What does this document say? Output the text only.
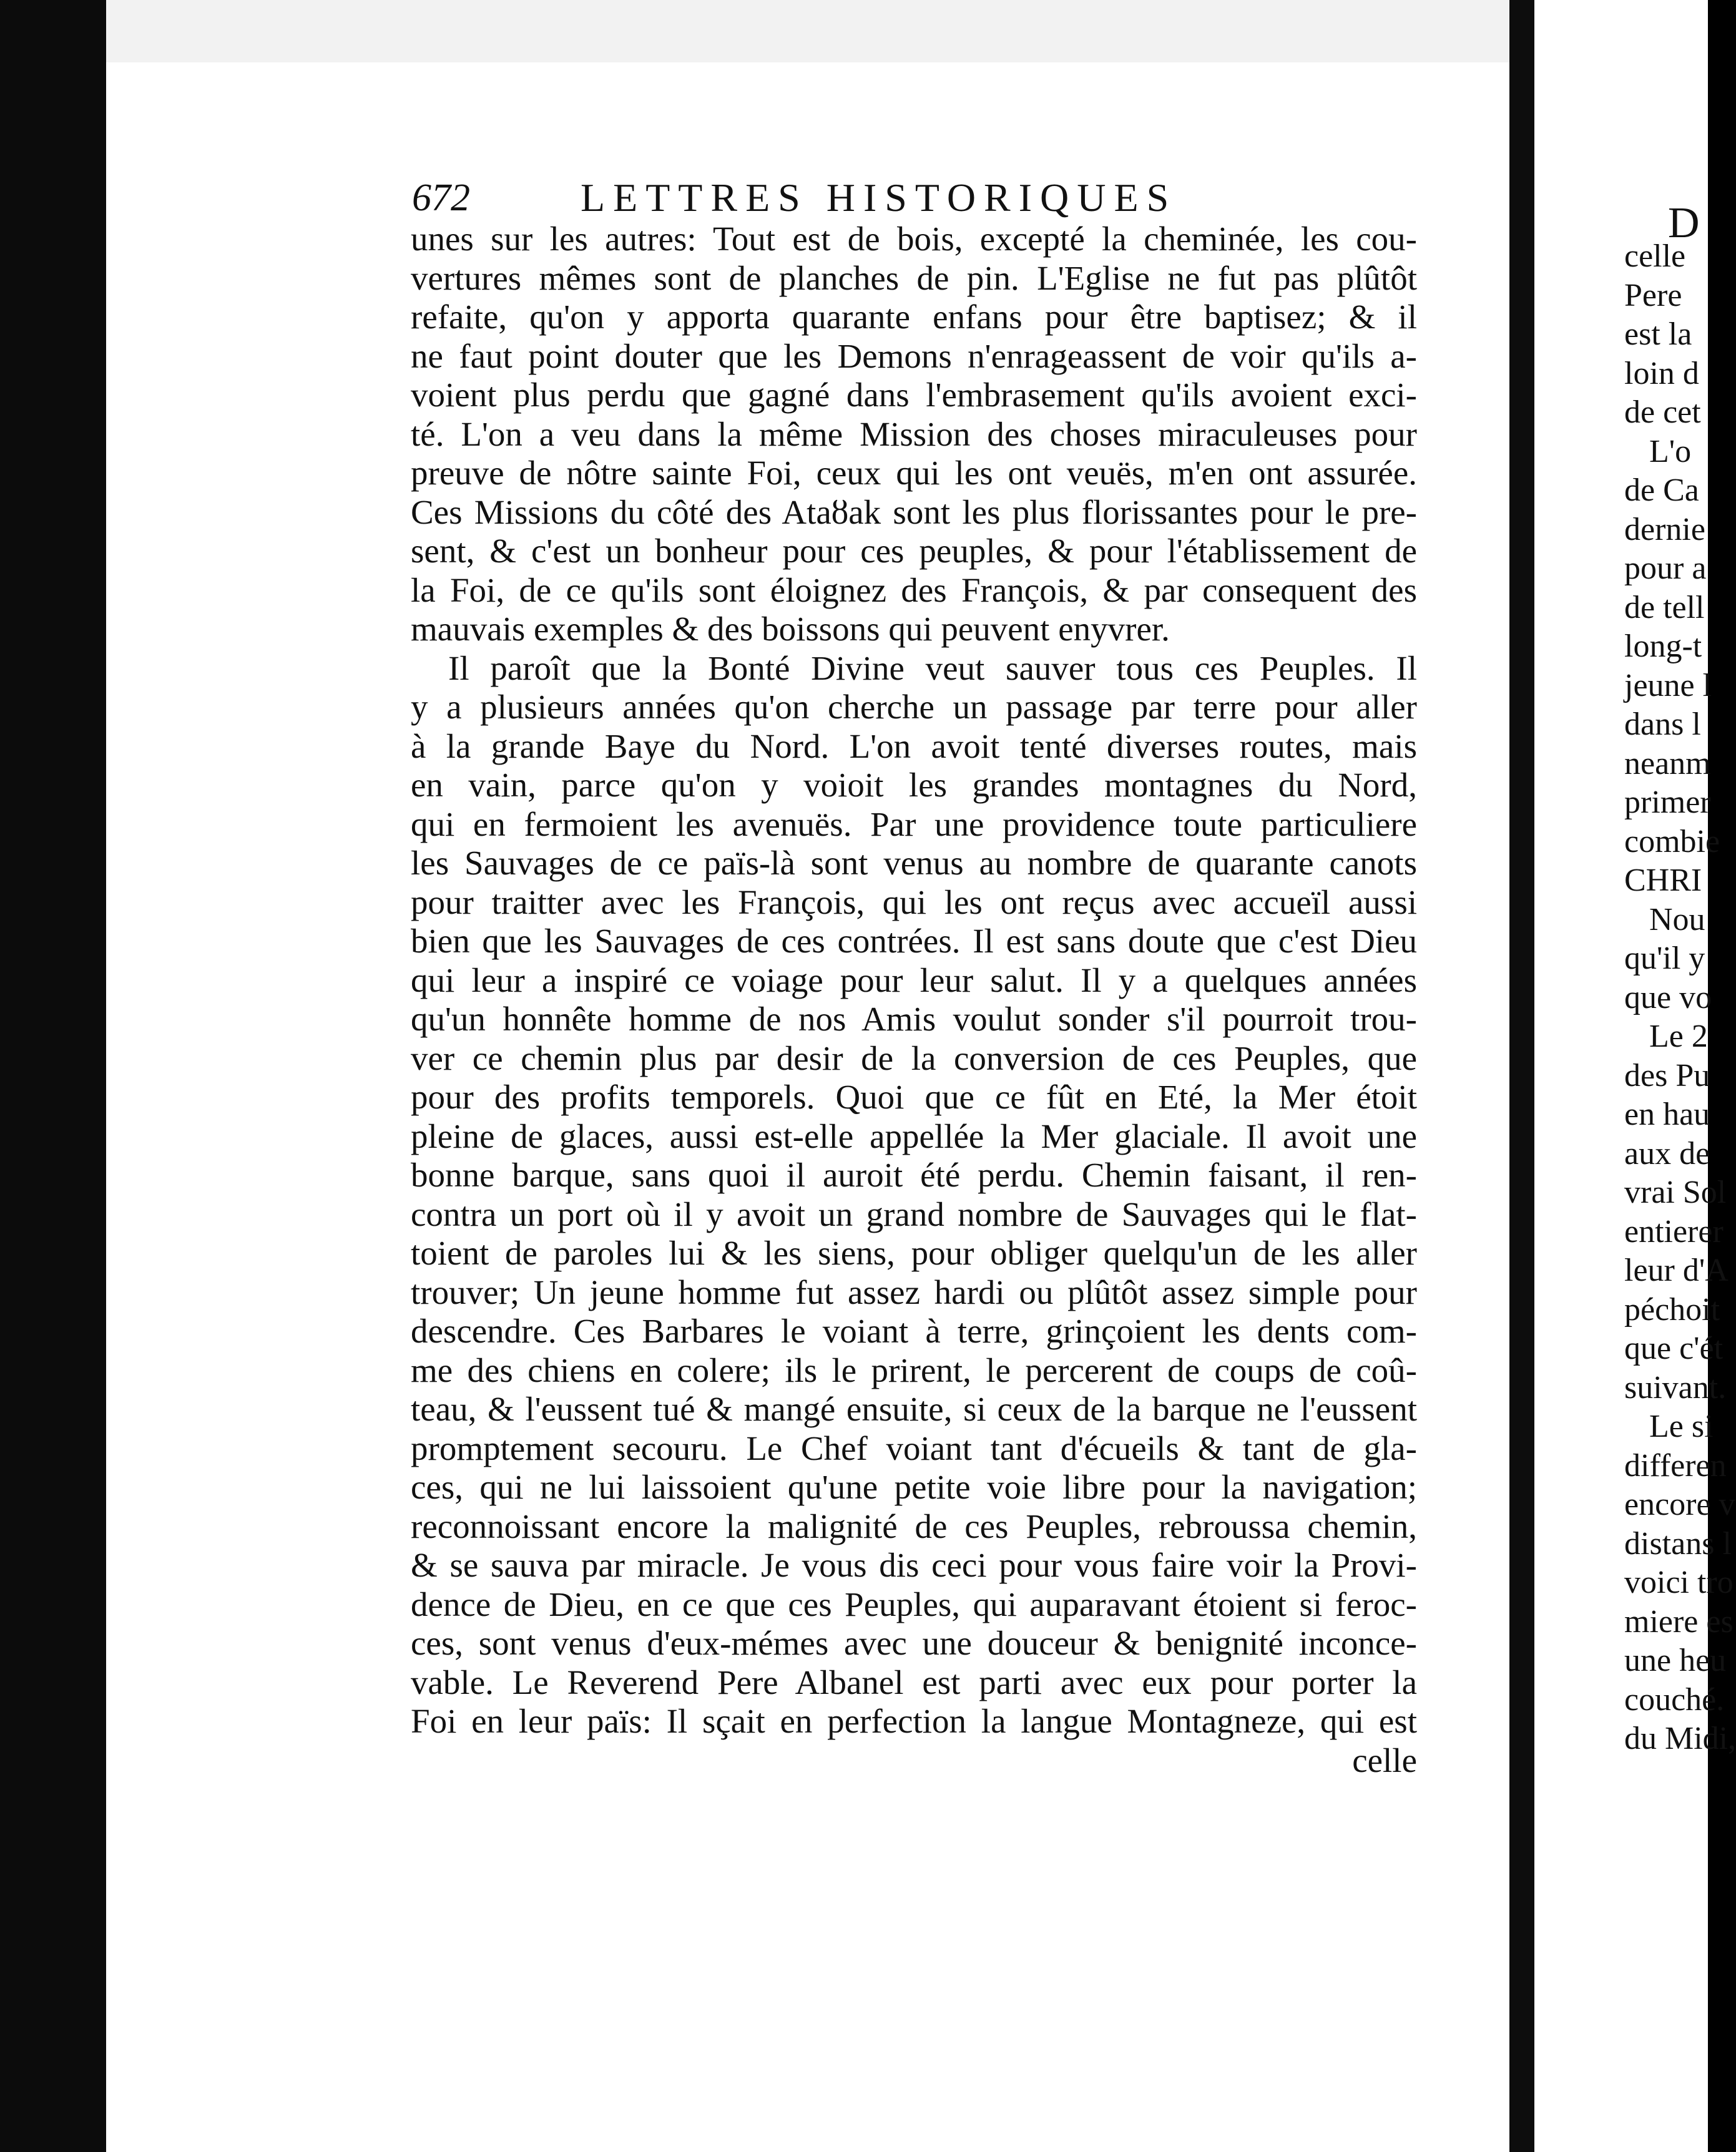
672	LETTRES HISTORIQUES
unes sur les autres: Tout est de bois, excepté la cheminée, les cou-
vertures mêmes sont de planches de pin. L'Eglise ne fut pas plûtôt
refaite, qu'on y apporta quarante enfans pour être baptisez; & il
ne faut point douter que les Demons n'enrageassent de voir qu'ils a-
voient plus perdu que gagné dans l'embrasement qu'ils avoient exci-
té. L'on a veu dans la même Mission des choses miraculeuses pour
preuve de nôtre sainte Foi, ceux qui les ont veuës, m'en ont assurée.
Ces Missions du côté des Ataȣak sont les plus florissantes pour le pre-
sent, & c'est un bonheur pour ces peuples, & pour l'établissement de
la Foi, de ce qu'ils sont éloignez des François, & par consequent des
mauvais exemples & des boissons qui peuvent enyvrer.
Il paroît que la Bonté Divine veut sauver tous ces Peuples. Il
y a plusieurs années qu'on cherche un passage par terre pour aller
à la grande Baye du Nord. L'on avoit tenté diverses routes, mais
en vain, parce qu'on y voioit les grandes montagnes du Nord,
qui en fermoient les avenuës. Par une providence toute particuliere
les Sauvages de ce païs-là sont venus au nombre de quarante canots
pour traitter avec les François, qui les ont reçus avec accueïl aussi
bien que les Sauvages de ces contrées. Il est sans doute que c'est Dieu
qui leur a inspiré ce voiage pour leur salut. Il y a quelques années
qu'un honnête homme de nos Amis voulut sonder s'il pourroit trou-
ver ce chemin plus par desir de la conversion de ces Peuples, que
pour des profits temporels. Quoi que ce fût en Eté, la Mer étoit
pleine de glaces, aussi est-elle appellée la Mer glaciale. Il avoit une
bonne barque, sans quoi il auroit été perdu. Chemin faisant, il ren-
contra un port où il y avoit un grand nombre de Sauvages qui le flat-
toient de paroles lui & les siens, pour obliger quelqu'un de les aller
trouver; Un jeune homme fut assez hardi ou plûtôt assez simple pour
descendre. Ces Barbares le voiant à terre, grinçoient les dents com-
me des chiens en colere; ils le prirent, le percerent de coups de coû-
teau, & l'eussent tué & mangé ensuite, si ceux de la barque ne l'eussent
promptement secouru. Le Chef voiant tant d'écueils & tant de gla-
ces, qui ne lui laissoient qu'une petite voie libre pour la navigation;
reconnoissant encore la malignité de ces Peuples, rebroussa chemin,
& se sauva par miracle. Je vous dis ceci pour vous faire voir la Provi-
dence de Dieu, en ce que ces Peuples, qui auparavant étoient si feroc-
ces, sont venus d'eux-mémes avec une douceur & benignité inconce-
vable. Le Reverend Pere Albanel est parti avec eux pour porter la
Foi en leur païs: Il sçait en perfection la langue Montagneze, qui est
celle
celle
Pere
est la
loin d
de cet
L'o
de Ca
dernie
pour a
de tell
long-t
jeune l
dans l
neanm
primer
combie
CHRI
Nou
qu'il y
que vo
Le 2
des Pu
en hau
aux de
vrai Sol
entierer
leur d'A
péchoit
que c'ét
suivant.
Le si
differen
encore v
distans l
voici tro
miere es
une heu
couché.
du Midi,
D
